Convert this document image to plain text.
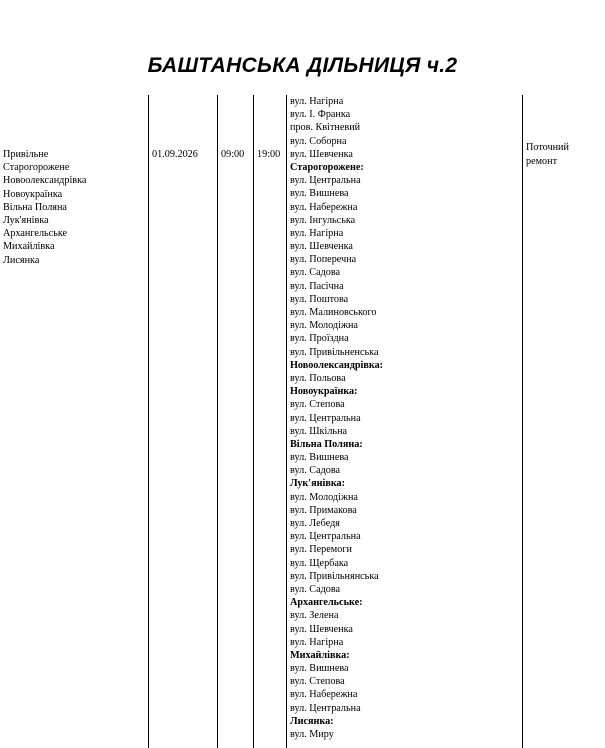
БАШТАНСЬКА ДІЛЬНИЦЯ ч.2
Привільне
Старогорожене
Новоолександрівка
Новоукраїнка
Вільна Поляна
Лук'янівка
Архангельське
Михайлівка
Лисянка
01.09.2026 09:00 19:00
вул. Нагірна
вул. І. Франка
пров. Квітневий
вул. Соборна
вул. Шевченка
Старогорожене:
вул. Центральна
вул. Вишнева
вул. Набережна
вул. Інгульська
вул. Нагірна
вул. Шевченка
вул. Поперечна
вул. Садова
вул. Пасічна
вул. Поштова
вул. Малиновського
вул. Молодіжна
вул. Проїздна
вул. Привільненська
Новоолександрівка:
вул. Польова
Новоукраїнка:
вул. Степова
вул. Центральна
вул. Шкільна
Вільна Поляна:
вул. Вишнева
вул. Садова
Лук'янівка:
вул. Молодіжна
вул. Примакова
вул. Лебедя
вул. Центральна
вул. Перемоги
вул. Щербака
вул. Привільнянська
вул. Садова
Архангельське:
вул. Зелена
вул. Шевченка
вул. Нагірна
Михайлівка:
вул. Вишнева
вул. Степова
вул. Набережна
вул. Центральна
Лисянка:
вул. Миру
Поточний ремонт
